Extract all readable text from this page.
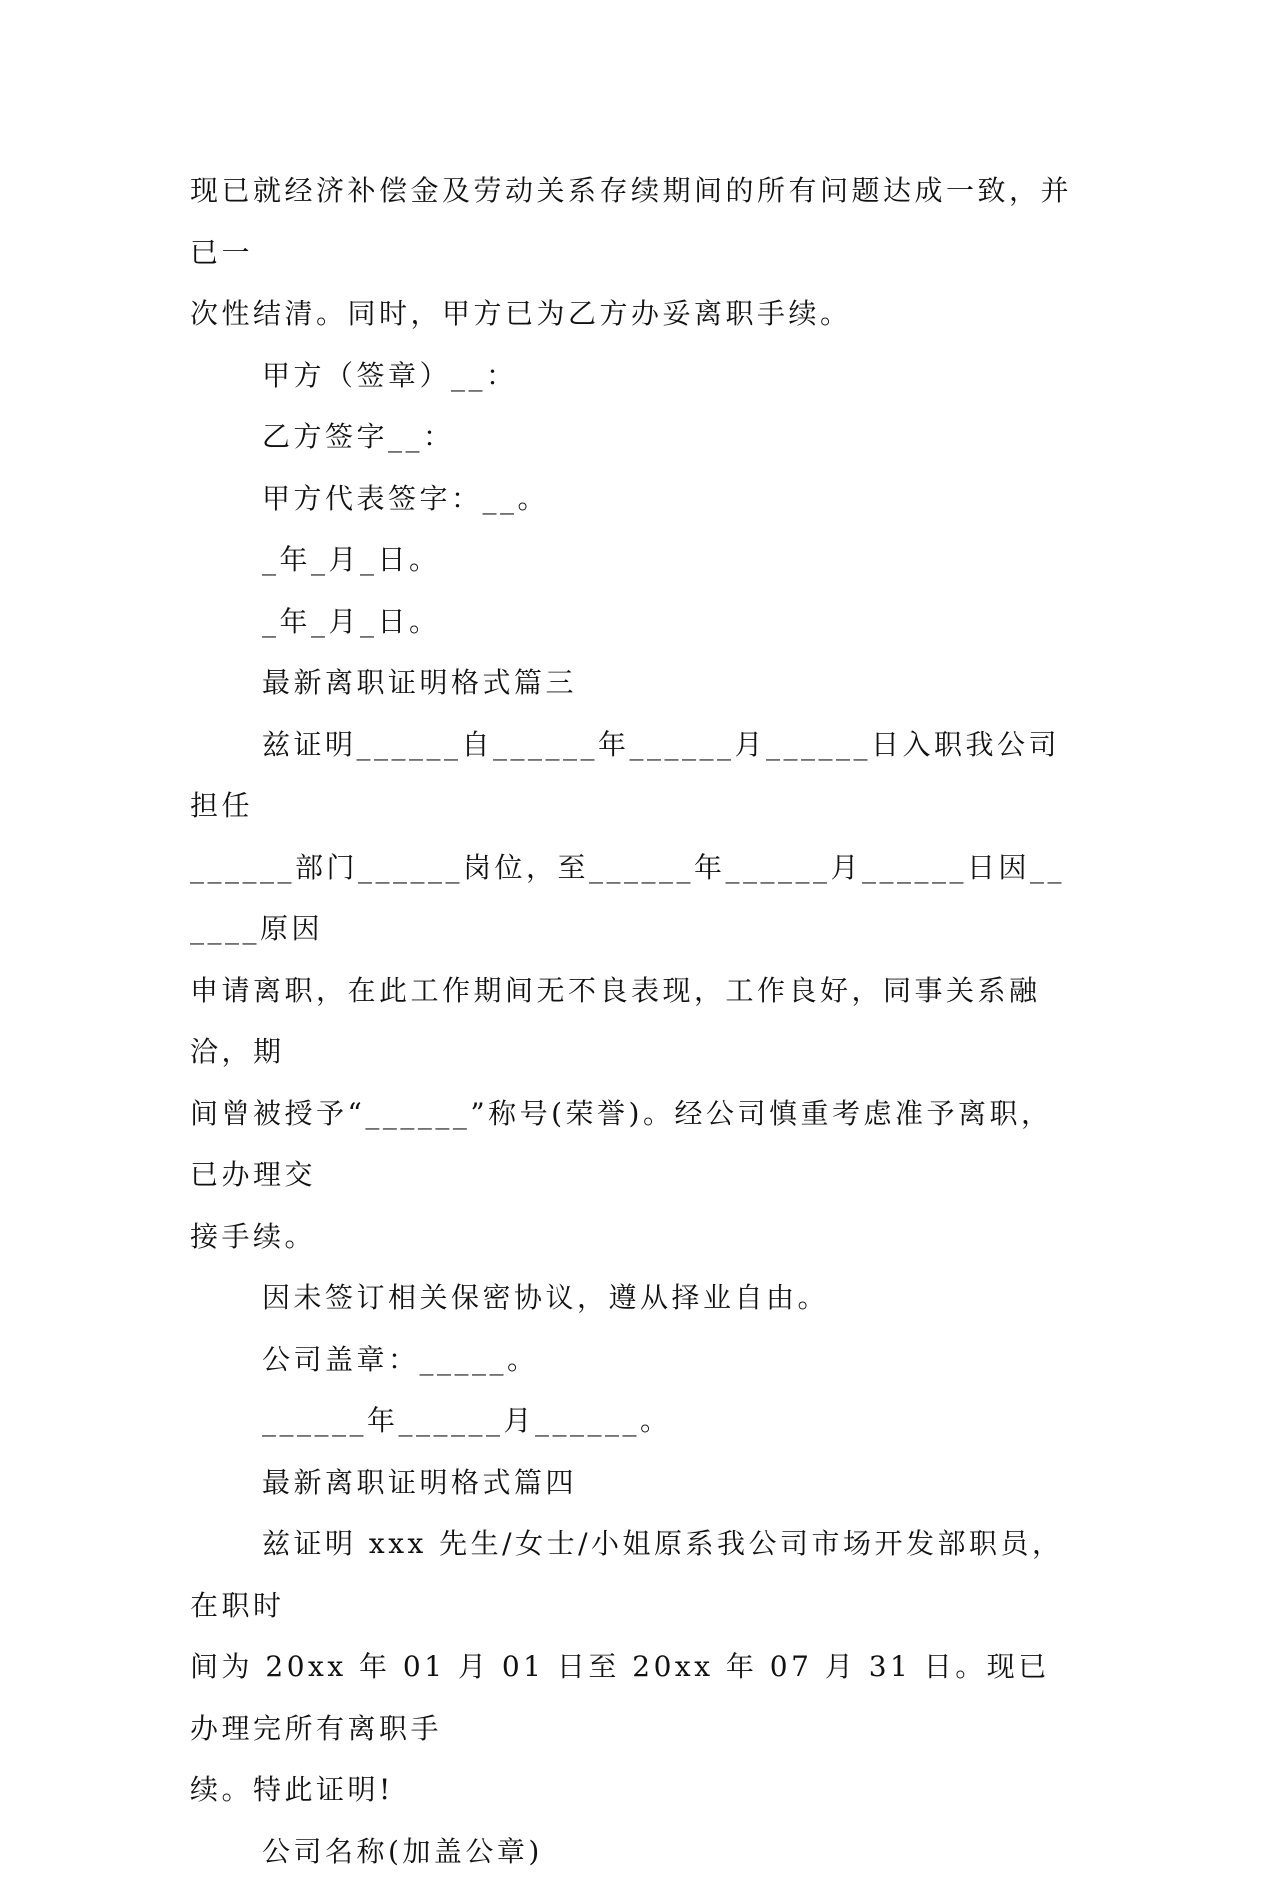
现已就经济补偿金及劳动关系存续期间的所有问题达成一致，并已一
次性结清。同时，甲方已为乙方办妥离职手续。

甲方（签章）__：

乙方签字__：

甲方代表签字：__。

_年_月_日。

_年_月_日。

最新离职证明格式篇三

兹证明______自______年______月______日入职我公司担任
______部门______岗位，至______年______月______日因______原因
申请离职，在此工作期间无不良表现，工作良好，同事关系融洽，期
间曾被授予“______”称号(荣誉)。经公司慎重考虑准予离职，已办理交
接手续。

因未签订相关保密协议，遵从择业自由。

公司盖章：_____。

______年______月______。

最新离职证明格式篇四

兹证明 xxx 先生/女士/小姐原系我公司市场开发部职员，在职时
间为 20xx 年 01 月 01 日至 20xx 年 07 月 31 日。现已办理完所有离职手
续。特此证明!

公司名称(加盖公章)
